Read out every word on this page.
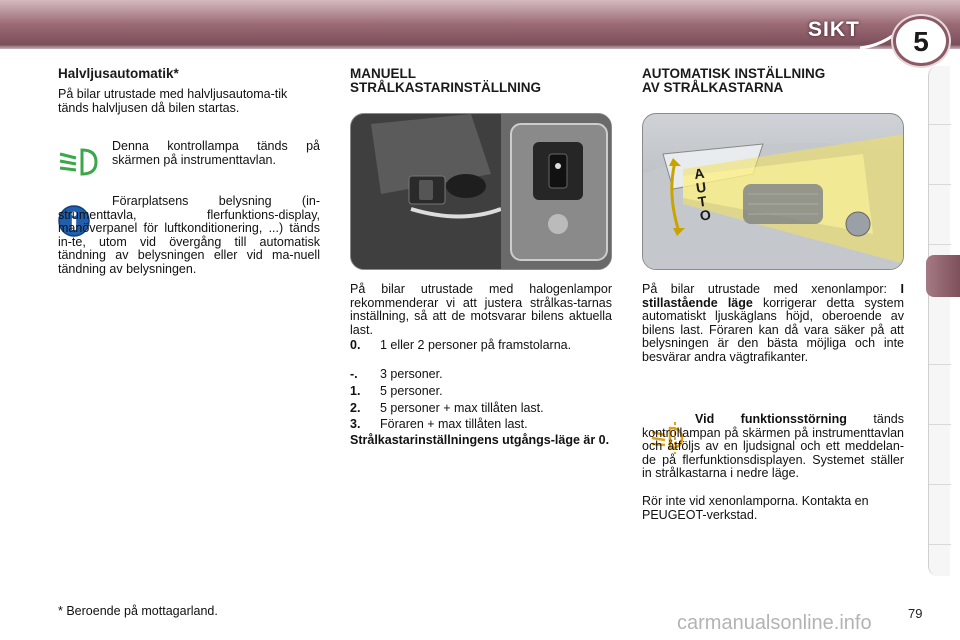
SIKT	5
Halvljusautomatik*
På bilar utrustade med halvljusautoma-tik tänds halvljusen då bilen startas.
Denna kontrollampa tänds på skärmen på instrumenttavlan.
Förarplatsens belysning (in-strumenttavla, flerfunktions-display, manöverpanel för luftkonditionering, ...) tänds in-te, utom vid övergång till automatisk tändning av belysningen eller vid ma-nuell tändning av belysningen.
MANUELL
STRÅLKASTARINSTÄLLNING
På bilar utrustade med halogenlampor rekommenderar vi att justera strålkas-tarnas inställning, så att de motsvarar bilens aktuella last.
0. 1 eller 2 personer på framstolarna.
-. 3 personer.
1. 5 personer.
2. 5 personer + max tillåten last.
3. Föraren + max tillåten last.
Strålkastarinställningens utgångs-läge är 0.
AUTOMATISK INSTÄLLNING
AV STRÅLKASTARNA
AUTO
På bilar utrustade med xenonlampor: I stillastående läge korrigerar detta system automatiskt ljuskäglans höjd, oberoende av bilens last. Föraren kan då vara säker på att belysningen är den bästa möjliga och inte besvärar andra vägtrafikanter.
Vid funktionsstörning tänds kontrollampan på skärmen på instrumenttavlan och åtföljs av en ljudsignal och ett meddelan-de på flerfunktionsdisplayen. Systemet ställer in strålkastarna i nedre läge.
Rör inte vid xenonlamporna. Kontakta en PEUGEOT-verkstad.
* Beroende på mottagarland.	79
carmanualsonline.info
